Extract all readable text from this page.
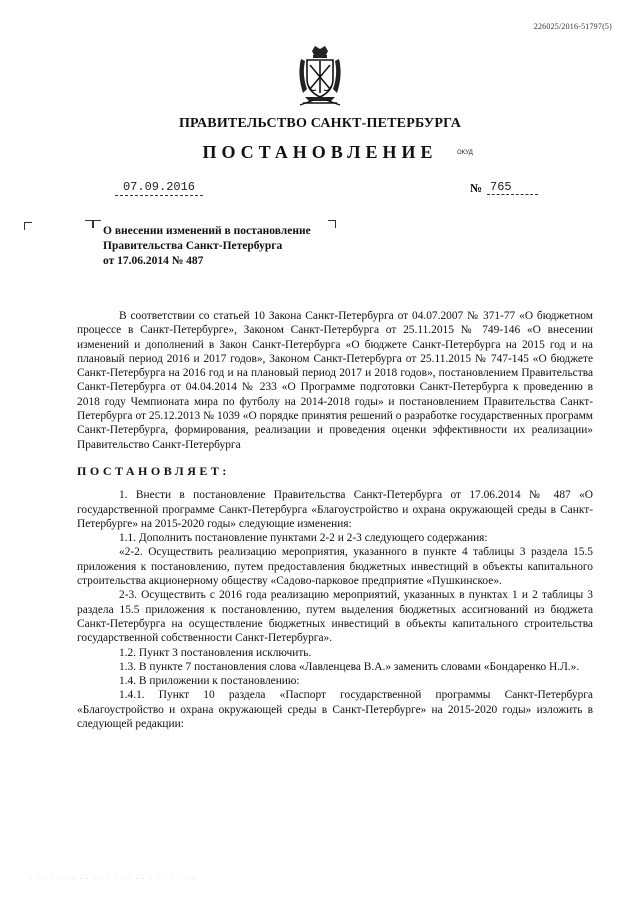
226025/2016-51797(5)
ПРАВИТЕЛЬСТВО САНКТ-ПЕТЕРБУРГА
ПОСТАНОВЛЕНИЕ	ОКУД
07.09.2016	№ 765
О внесении изменений в постановление
Правительства Санкт-Петербурга
от 17.06.2014 № 487

В соответствии со статьей 10 Закона Санкт-Петербурга от 04.07.2007 № 371-77 «О бюджетном процессе в Санкт-Петербурге», Законом Санкт-Петербурга от 25.11.2015 № 749-146 «О внесении изменений и дополнений в Закон Санкт-Петербурга «О бюджете Санкт-Петербурга на 2015 год и на плановый период 2016 и 2017 годов», Законом Санкт-Петербурга от 25.11.2015 № 747-145 «О бюджете Санкт-Петербурга на 2016 год и на плановый период 2017 и 2018 годов», постановлением Правительства Санкт-Петербурга от 04.04.2014 № 233 «О Программе подготовки Санкт-Петербурга к проведению в 2018 году Чемпионата мира по футболу на 2014-2018 годы» и постановлением Правительства Санкт-Петербурга от 25.12.2013 № 1039 «О порядке принятия решений о разработке государственных программ Санкт-Петербурга, формирования, реализации и проведения оценки эффективности их реализации» Правительство Санкт-Петербурга

ПОСТАНОВЛЯЕТ:

1. Внести в постановление Правительства Санкт-Петербурга от 17.06.2014 № 487 «О государственной программе Санкт-Петербурга «Благоустройство и охрана окружающей среды в Санкт-Петербурге» на 2015-2020 годы» следующие изменения:

1.1. Дополнить постановление пунктами 2-2 и 2-3 следующего содержания:

«2-2. Осуществить реализацию мероприятия, указанного в пункте 4 таблицы 3 раздела 15.5 приложения к постановлению, путем предоставления бюджетных инвестиций в объекты капитального строительства акционерному обществу «Садово-парковое предприятие «Пушкинское».

2-3. Осуществить с 2016 года реализацию мероприятий, указанных в пунктах 1 и 2 таблицы 3 раздела 15.5 приложения к постановлению, путем выделения бюджетных ассигнований из бюджета Санкт-Петербурга на осуществление бюджетных инвестиций в объекты капитального строительства государственной собственности Санкт-Петербурга».

1.2. Пункт 3 постановления исключить.

1.3. В пункте 7 постановления слова «Лавленцева В.А.» заменить словами «Бондаренко Н.Л.».

1.4. В приложении к постановлению:

1.4.1. Пункт 10 раздела «Паспорт государственной программы Санкт-Петербурга «Благоустройство и охрана окружающей среды в Санкт-Петербурге» на 2015-2020 годы» изложить в следующей редакции:

· · · · · · · · · · · · · · · · · · · · · · · ·
